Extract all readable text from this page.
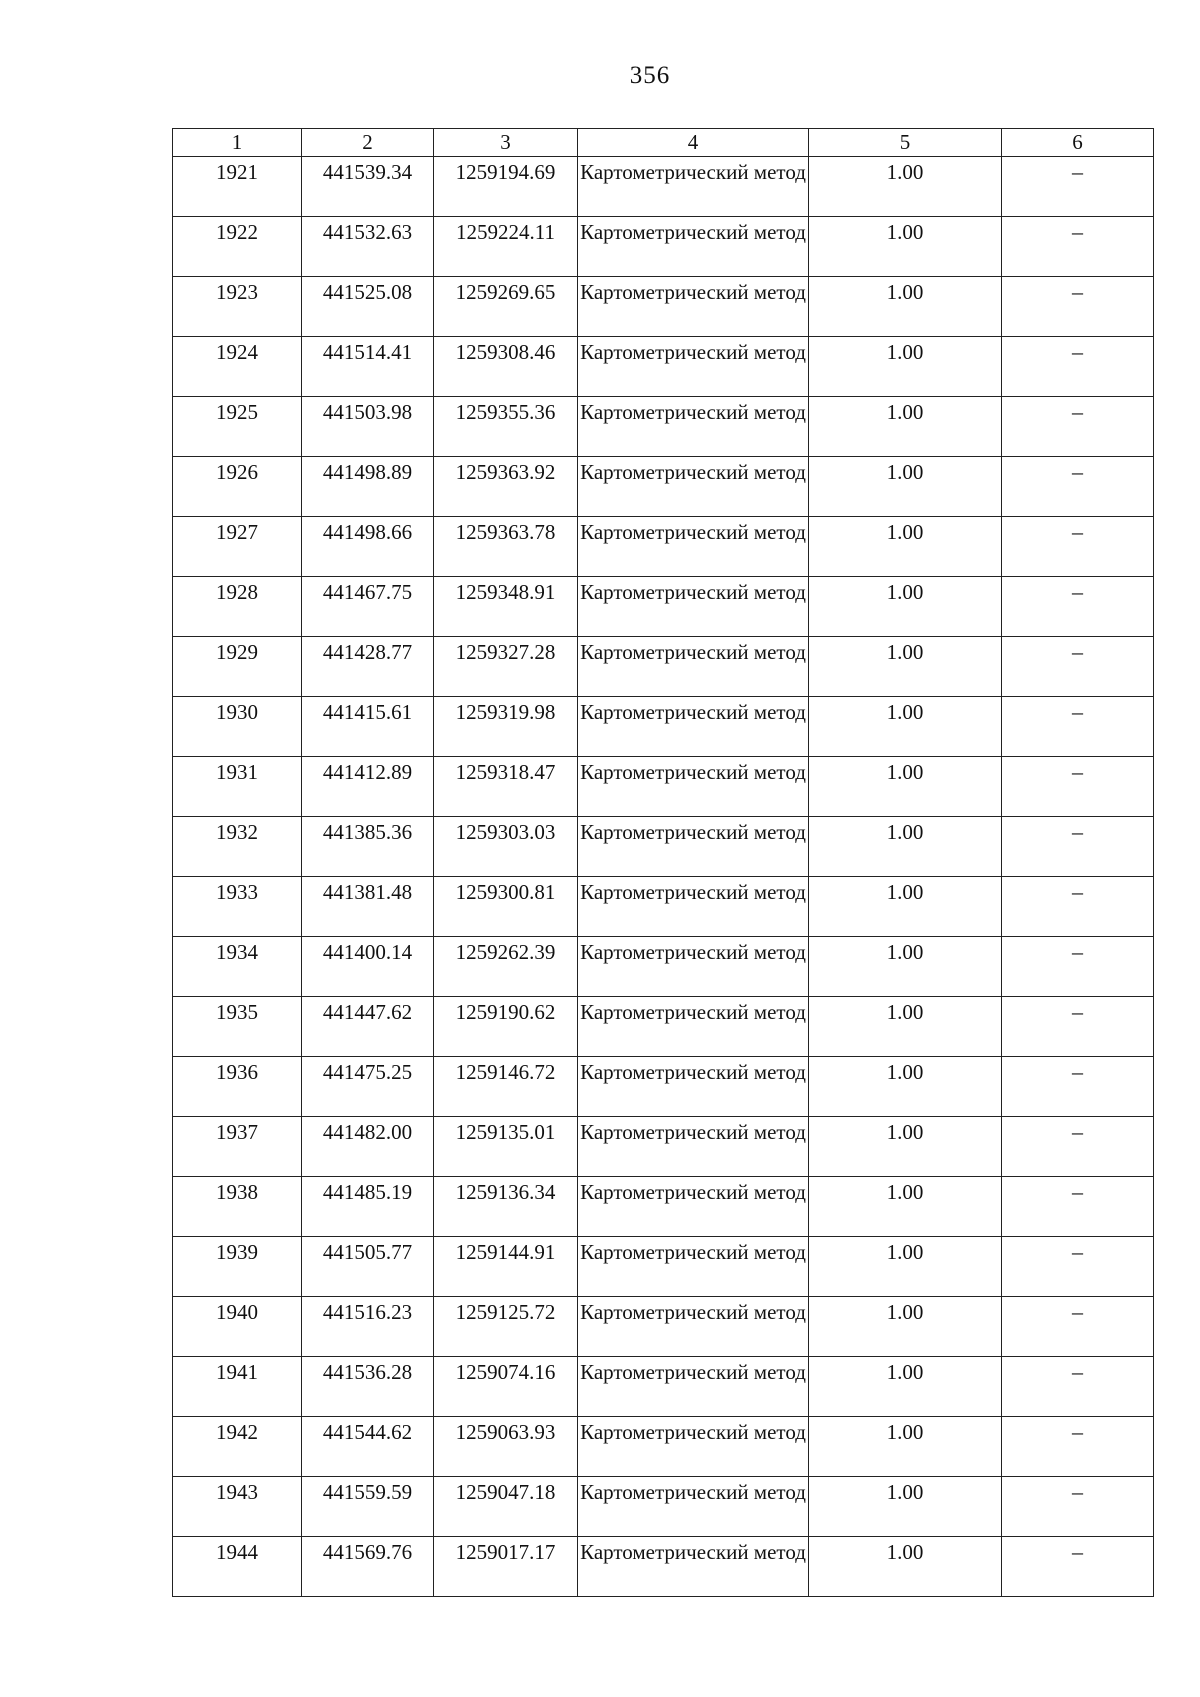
356
1	2	3	4	5	6
1921	441539.34	1259194.69	Картометрический метод	1.00	–
1922	441532.63	1259224.11	Картометрический метод	1.00	–
1923	441525.08	1259269.65	Картометрический метод	1.00	–
1924	441514.41	1259308.46	Картометрический метод	1.00	–
1925	441503.98	1259355.36	Картометрический метод	1.00	–
1926	441498.89	1259363.92	Картометрический метод	1.00	–
1927	441498.66	1259363.78	Картометрический метод	1.00	–
1928	441467.75	1259348.91	Картометрический метод	1.00	–
1929	441428.77	1259327.28	Картометрический метод	1.00	–
1930	441415.61	1259319.98	Картометрический метод	1.00	–
1931	441412.89	1259318.47	Картометрический метод	1.00	–
1932	441385.36	1259303.03	Картометрический метод	1.00	–
1933	441381.48	1259300.81	Картометрический метод	1.00	–
1934	441400.14	1259262.39	Картометрический метод	1.00	–
1935	441447.62	1259190.62	Картометрический метод	1.00	–
1936	441475.25	1259146.72	Картометрический метод	1.00	–
1937	441482.00	1259135.01	Картометрический метод	1.00	–
1938	441485.19	1259136.34	Картометрический метод	1.00	–
1939	441505.77	1259144.91	Картометрический метод	1.00	–
1940	441516.23	1259125.72	Картометрический метод	1.00	–
1941	441536.28	1259074.16	Картометрический метод	1.00	–
1942	441544.62	1259063.93	Картометрический метод	1.00	–
1943	441559.59	1259047.18	Картометрический метод	1.00	–
1944	441569.76	1259017.17	Картометрический метод	1.00	–
